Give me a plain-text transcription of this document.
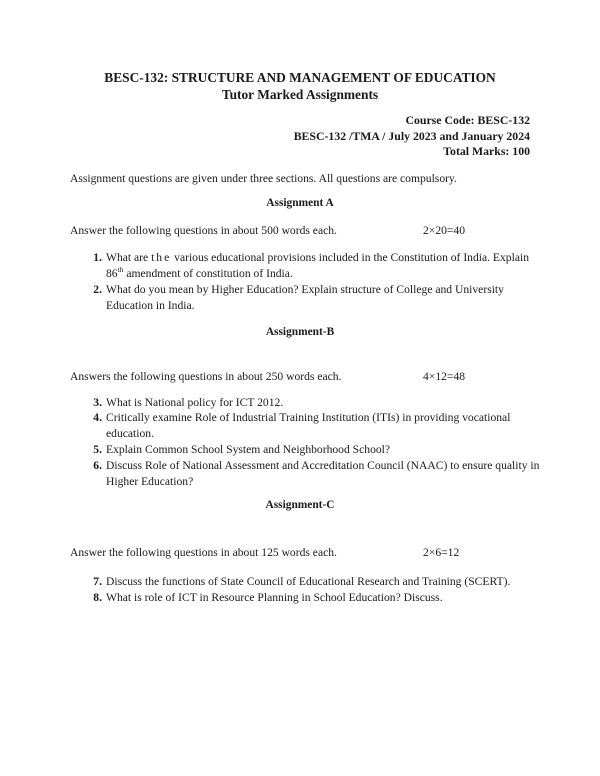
BESC-132: STRUCTURE AND MANAGEMENT OF EDUCATION
Tutor Marked Assignments
Course Code: BESC-132
BESC-132 /TMA / July 2023 and January 2024
Total Marks: 100
Assignment questions are given under three sections. All questions are compulsory.
Assignment A
Answer the following questions in about 500 words each.	2×20=40
1. What are the various educational provisions included in the Constitution of India. Explain 86th amendment of constitution of India.
2. What do you mean by Higher Education? Explain structure of College and University Education in India.
Assignment-B
Answers the following questions in about 250 words each.	4×12=48
3. What is National policy for ICT 2012.
4. Critically examine Role of Industrial Training Institution (ITIs) in providing vocational education.
5. Explain Common School System and Neighborhood School?
6. Discuss Role of National Assessment and Accreditation Council (NAAC) to ensure quality in Higher Education?
Assignment-C
Answer the following questions in about 125 words each.	2×6=12
7. Discuss the functions of State Council of Educational Research and Training (SCERT).
8. What is role of ICT in Resource Planning in School Education? Discuss.
